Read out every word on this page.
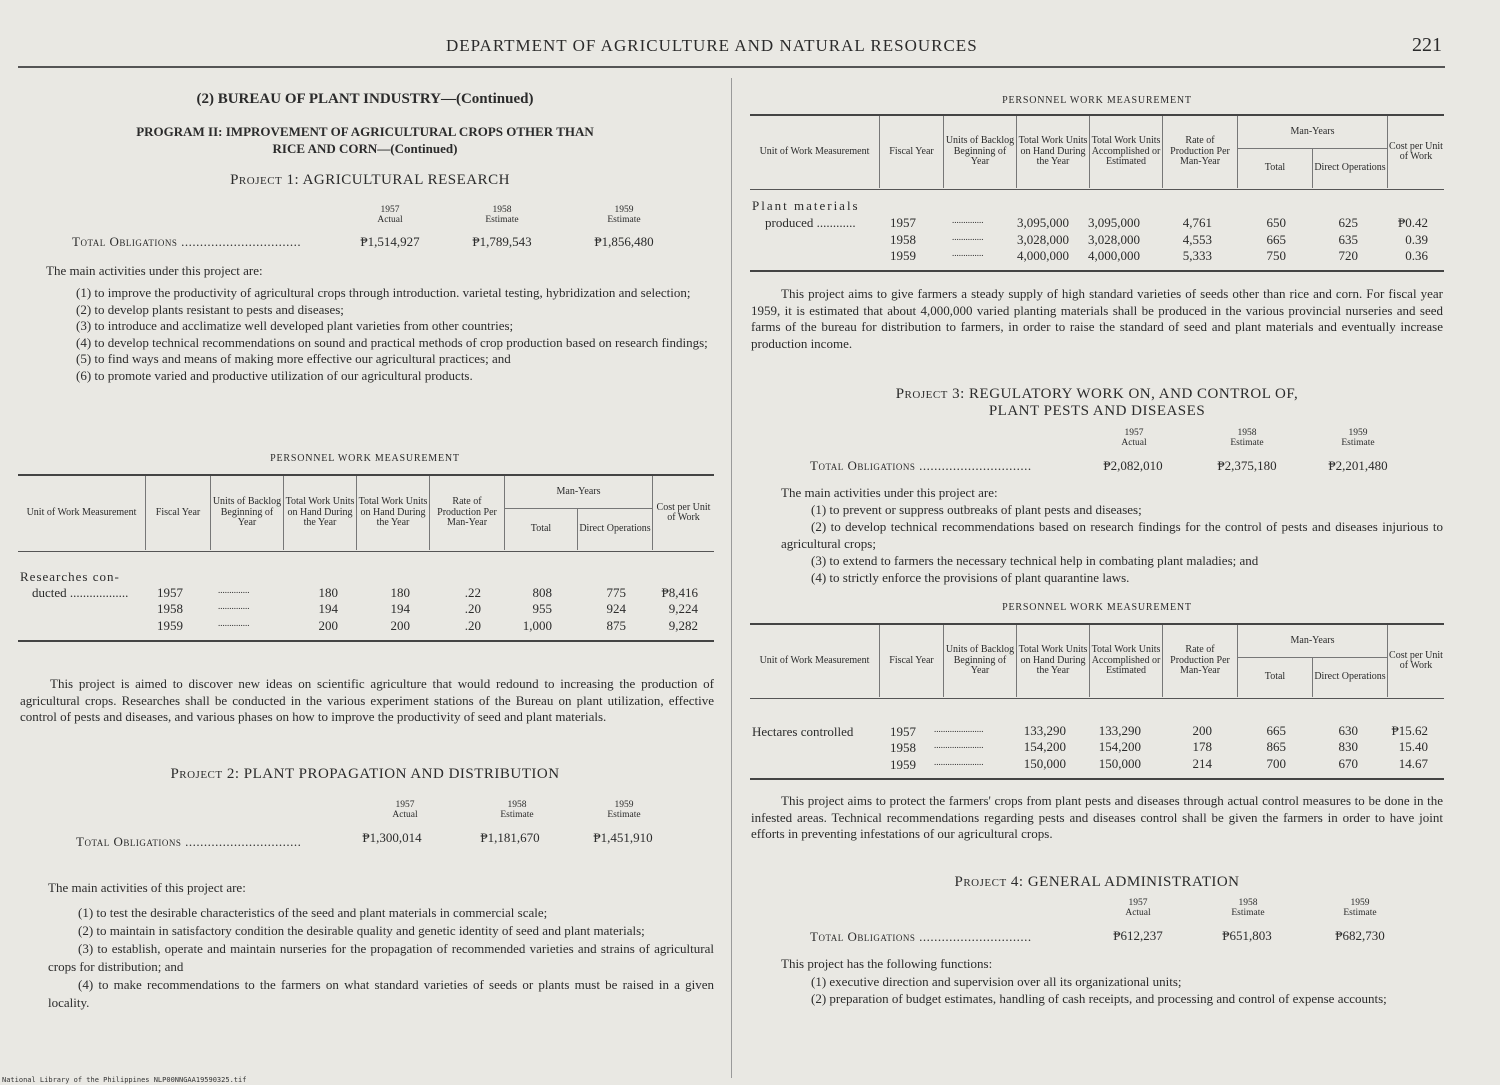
DEPARTMENT OF AGRICULTURE AND NATURAL RESOURCES	221
(2) BUREAU OF PLANT INDUSTRY—(Continued)
PROGRAM II: IMPROVEMENT OF AGRICULTURAL CROPS OTHER THAN
RICE AND CORN—(Continued)
Project 1: AGRICULTURAL RESEARCH
1957
Actual
1958
Estimate
1959
Estimate
Total Obligations ................................	₱1,514,927	₱1,789,543	₱1,856,480
The main activities under this project are:

(1) to improve the productivity of agricultural crops through introduction. varietal testing, hybridization and selection;

(2) to develop plants resistant to pests and diseases;

(3) to introduce and acclimatize well developed plant varieties from other countries;

(4) to develop technical recommendations on sound and practical methods of crop production based on research findings;

(5) to find ways and means of making more effective our agricultural practices; and

(6) to promote varied and productive utilization of our agricultural products.

PERSONNEL WORK MEASUREMENT
Unit of Work Measurement	Fiscal Year	Units of Backlog Beginning of Year	Total Work Units on Hand During the Year	Total Work Units on Hand During the Year	Rate of Production Per Man-Year	Man-Years		Cost per Unit of Work
						Total	Direct Operations	
Researches con-
ducted .................. 1957	..............	180	180	.22	808	775	₱8,416
1958	..............	194	194	.20	955	924	9,224
1959	..............	200	200	.20	1,000	875	9,282

This project is aimed to discover new ideas on scientific agriculture that would redound to increasing the production of agricultural crops. Researches shall be conducted in the various experiment stations of the Bureau on plant utilization, effective control of pests and diseases, and various phases on how to improve the productivity of seed and plant materials.

Project 2: PLANT PROPAGATION AND DISTRIBUTION
1957
Actual
1958
Estimate
1959
Estimate
Total Obligations ...............................	₱1,300,014	₱1,181,670	₱1,451,910
The main activities of this project are:

(1) to test the desirable characteristics of the seed and plant materials in commercial scale;

(2) to maintain in satisfactory condition the desirable quality and genetic identity of seed and plant materials;

(3) to establish, operate and maintain nurseries for the propagation of recommended varieties and strains of agricultural crops for distribution; and

(4) to make recommendations to the farmers on what standard varieties of seeds or plants must be raised in a given locality.

PERSONNEL WORK MEASUREMENT
Unit of Work Measurement	Fiscal Year	Units of Backlog Beginning of Year	Total Work Units on Hand During the Year	Total Work Units Accomplished or Estimated	Rate of Production Per Man-Year	Man-Years		Cost per Unit of Work
						Total	Direct Operations	
Plant materials
produced ............	1957	..............	3,095,000	3,095,000	4,761	650	625	₱0.42
1958	..............	3,028,000	3,028,000	4,553	665	635	0.39
1959	..............	4,000,000	4,000,000	5,333	750	720	0.36

This project aims to give farmers a steady supply of high standard varieties of seeds other than rice and corn. For fiscal year 1959, it is estimated that about 4,000,000 varied planting materials shall be produced in the various provincial nurseries and seed farms of the bureau for distribution to farmers, in order to raise the standard of seed and plant materials and eventually increase production income.

Project 3: REGULATORY WORK ON, AND CONTROL OF,
PLANT PESTS AND DISEASES
1957
Actual
1958
Estimate
1959
Estimate
Total Obligations ..............................	₱2,082,010	₱2,375,180	₱2,201,480
The main activities under this project are:

(1) to prevent or suppress outbreaks of plant pests and diseases;

(2) to develop technical recommendations based on research findings for the control of pests and diseases injurious to agricultural crops;

(3) to extend to farmers the necessary technical help in combating plant maladies; and

(4) to strictly enforce the provisions of plant quarantine laws.

PERSONNEL WORK MEASUREMENT
Unit of Work Measurement	Fiscal Year	Units of Backlog Beginning of Year	Total Work Units on Hand During the Year	Total Work Units Accomplished or Estimated	Rate of Production Per Man-Year	Man-Years		Cost per Unit of Work
						Total	Direct Operations	
Hectares controlled	1957 ......................	133,290	133,290	200	665	630	₱15.62
1958 ......................	154,200	154,200	178	865	830	15.40
1959 ......................	150,000	150,000	214	700	670	14.67

This project aims to protect the farmers' crops from plant pests and diseases through actual control measures to be done in the infested areas. Technical recommendations regarding pests and diseases control shall be given the farmers in order to have joint efforts in preventing infestations of our agricultural crops.

Project 4: GENERAL ADMINISTRATION
1957
Actual
1958
Estimate
1959
Estimate
Total Obligations ..............................	₱612,237	₱651,803	₱682,730
This project has the following functions:

(1) executive direction and supervision over all its organizational units;

(2) preparation of budget estimates, handling of cash receipts, and processing and control of expense accounts;

National Library of the Philippines NLP00NNGAA19590325.tif
